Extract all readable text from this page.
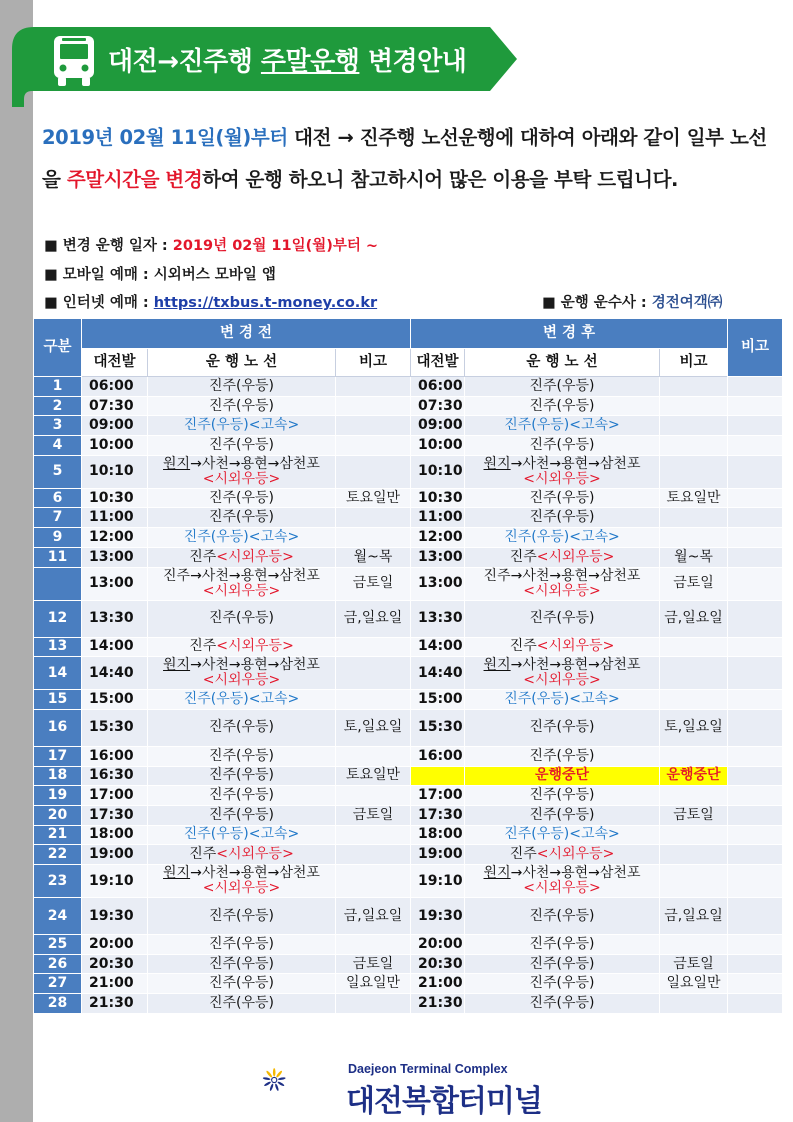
대전→진주행 주말운행 변경안내
2019년 02월 11일(월)부터 대전 → 진주행 노선운행에 대하여 아래와 같이 일부 노선을 주말시간을 변경하여 운행 하오니 참고하시어 많은 이용을 부탁 드립니다.
■ 변경 운행 일자 : 2019년 02월 11일(월)부터 ~
■ 모바일 예매 : 시외버스 모바일 앱
■ 인터넷 예매 : https://txbus.t-money.co.kr	■ 운행 운수사 : 경전여객㈜
구분	변 경 전			변 경 후			비고
	대전발	운 행 노 선	비고	대전발	운 행 노 선	비고	
1	06:00	진주(우등)		06:00	진주(우등)		
2	07:30	진주(우등)		07:30	진주(우등)		
3	09:00	진주(우등)<고속>		09:00	진주(우등)<고속>		
4	10:00	진주(우등)		10:00	진주(우등)		
5	10:10	원지→사천→용현→삼천포
<시외우등>		10:10	원지→사천→용현→삼천포
<시외우등>		
6	10:30	진주(우등)	토요일만	10:30	진주(우등)	토요일만	
7	11:00	진주(우등)		11:00	진주(우등)		
9	12:00	진주(우등)<고속>		12:00	진주(우등)<고속>		
11	13:00	진주<시외우등>	월~목	13:00	진주<시외우등>	월~목	
	13:00	진주→사천→용현→삼천포
<시외우등>	금토일	13:00	진주→사천→용현→삼천포
<시외우등>	금토일	
12	13:30	진주(우등)	금,일요일	13:30	진주(우등)	금,일요일	
13	14:00	진주<시외우등>		14:00	진주<시외우등>		
14	14:40	원지→사천→용현→삼천포
<시외우등>		14:40	원지→사천→용현→삼천포
<시외우등>		
15	15:00	진주(우등)<고속>		15:00	진주(우등)<고속>		
16	15:30	진주(우등)	토,일요일	15:30	진주(우등)	토,일요일	
17	16:00	진주(우등)		16:00	진주(우등)		
18	16:30	진주(우등)	토요일만		운행중단	운행중단	
19	17:00	진주(우등)		17:00	진주(우등)		
20	17:30	진주(우등)	금토일	17:30	진주(우등)	금토일	
21	18:00	진주(우등)<고속>		18:00	진주(우등)<고속>		
22	19:00	진주<시외우등>		19:00	진주<시외우등>		
23	19:10	원지→사천→용현→삼천포
<시외우등>		19:10	원지→사천→용현→삼천포
<시외우등>		
24	19:30	진주(우등)	금,일요일	19:30	진주(우등)	금,일요일	
25	20:00	진주(우등)		20:00	진주(우등)		
26	20:30	진주(우등)	금토일	20:30	진주(우등)	금토일	
27	21:00	진주(우등)	일요일만	21:00	진주(우등)	일요일만	
28	21:30	진주(우등)		21:30	진주(우등)		
Daejeon Terminal Complex
대전복합터미널
